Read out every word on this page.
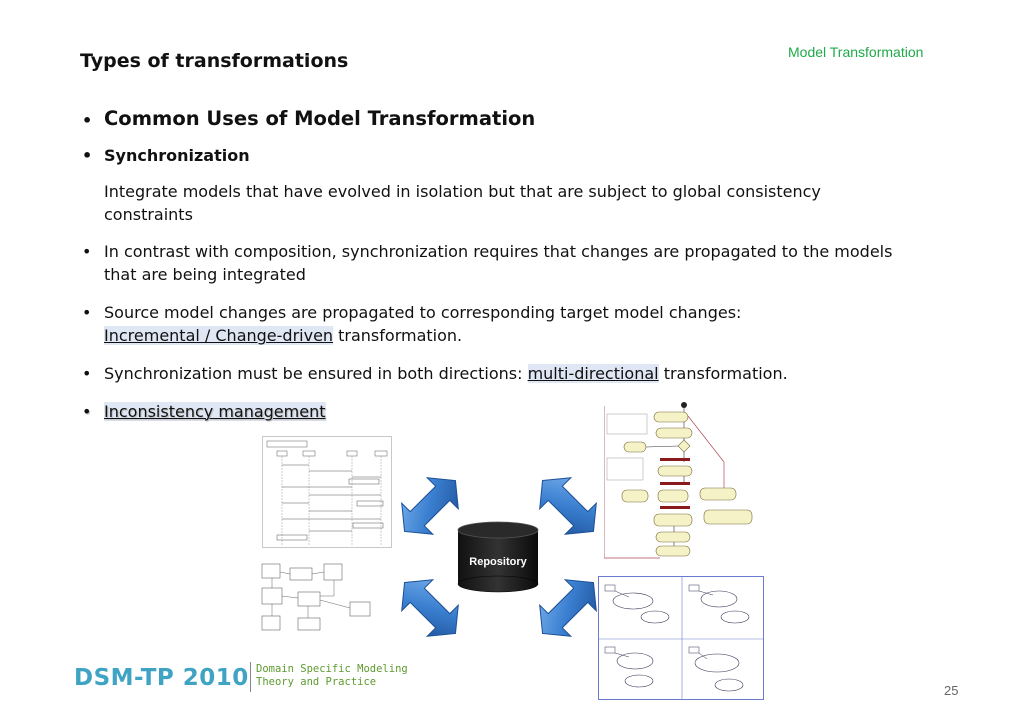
Types of transformations	Model Transformation
• Common Uses of Model Transformation
• Synchronization
Integrate models that have evolved in isolation but that are subject to global consistency constraints
• In contrast with composition, synchronization requires that changes are propagated to the models that are being integrated
• Source model changes are propagated to corresponding target model changes:
Incremental / Change-driven transformation.
• Synchronization must be ensured in both directions: multi-directional transformation.
• Inconsistency management
Repository
DSM-TP 2010 Domain Specific Modeling
Theory and Practice
25
